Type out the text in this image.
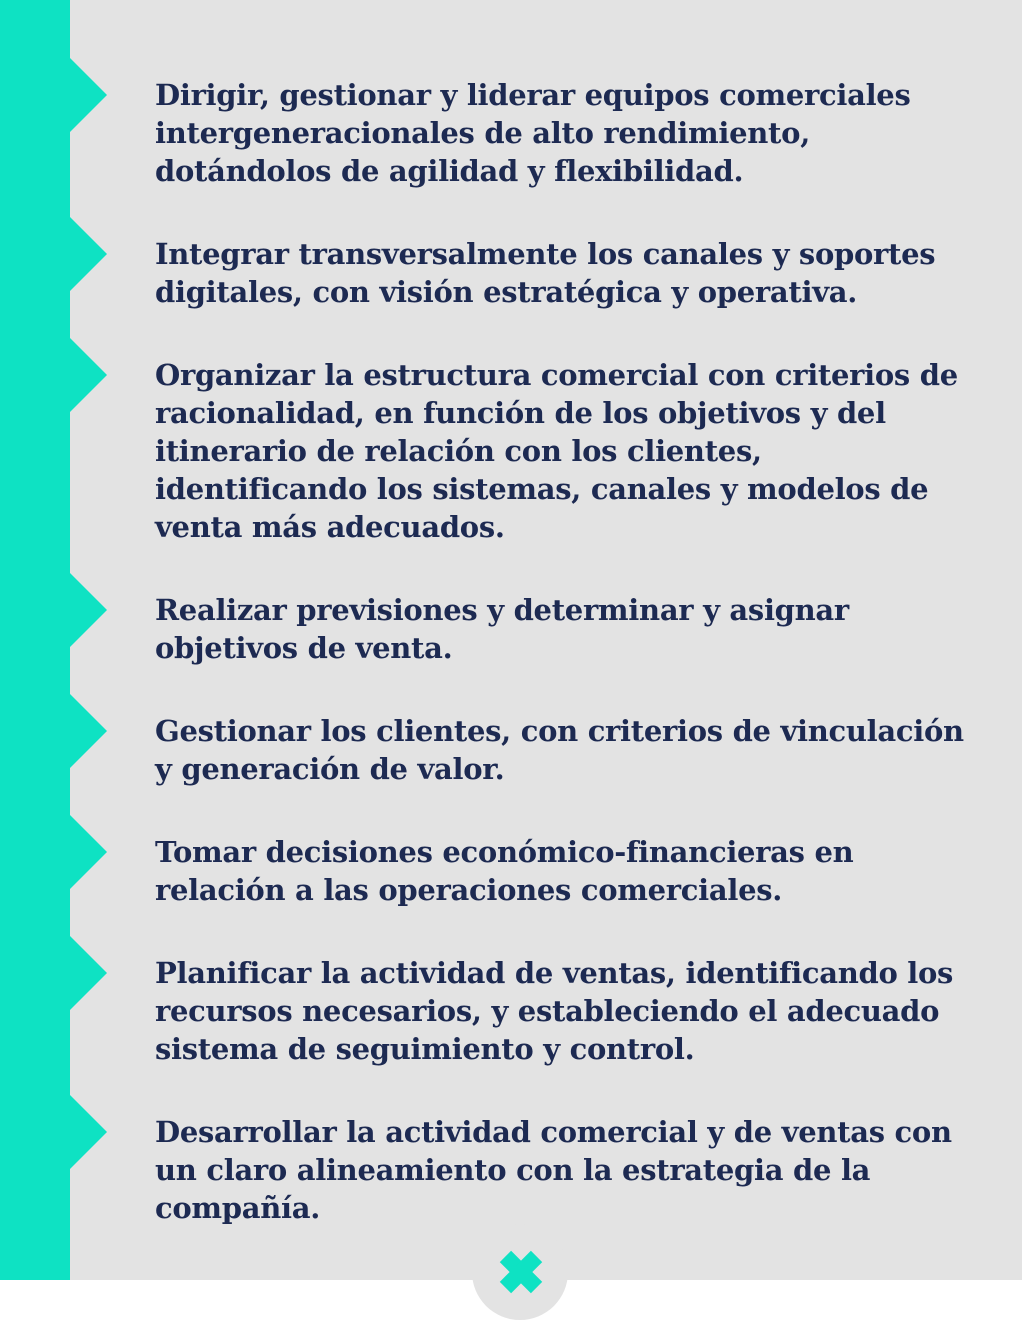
Dirigir, gestionar y liderar equipos comerciales intergeneracionales de alto rendimiento, dotándolos de agilidad y flexibilidad.

Integrar transversalmente los canales y soportes digitales, con visión estratégica y operativa.

Organizar la estructura comercial con criterios de racionalidad, en función de los objetivos y del itinerario de relación con los clientes, identificando los sistemas, canales y modelos de venta más adecuados.

Realizar previsiones y determinar y asignar objetivos de venta.

Gestionar los clientes, con criterios de vinculación y generación de valor.

Tomar decisiones económico-financieras en relación a las operaciones comerciales.

Planificar la actividad de ventas, identificando los recursos necesarios, y estableciendo el adecuado sistema de seguimiento y control.

Desarrollar la actividad comercial y de ventas con un claro alineamiento con la estrategia de la compañía.
